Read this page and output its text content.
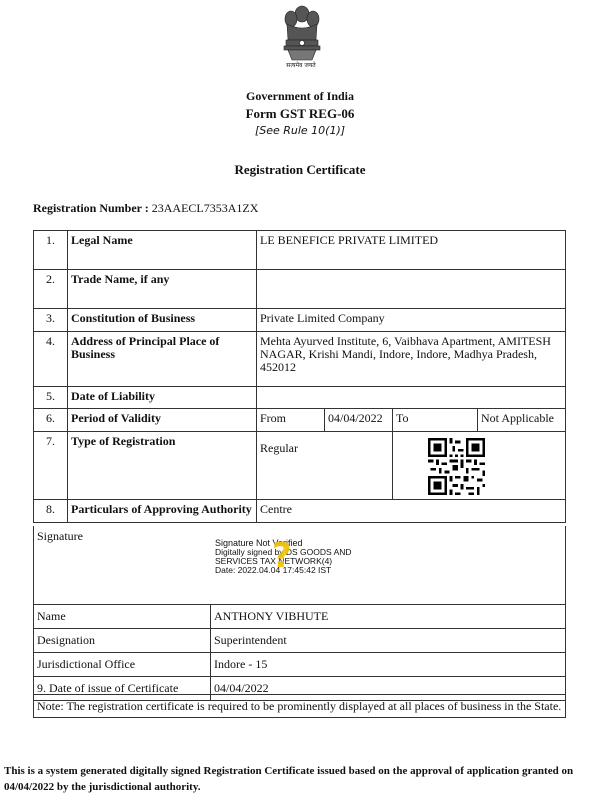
सत्यमेव जयते
Government of India
Form GST REG-06
[See Rule 10(1)]
Registration Certificate
Registration Number : 23AAECL7353A1ZX
1.	Legal Name	LE BENEFICE PRIVATE LIMITED			
2.	Trade Name, if any				
3.	Constitution of Business	Private Limited Company			
4.	Address of Principal Place of Business	Mehta Ayurved Institute, 6, Vaibhava Apartment, AMITESH NAGAR, Krishi Mandi, Indore, Indore, Madhya Pradesh, 452012			
5.	Date of Liability				
6.	Period of Validity	From	04/04/2022	To	Not Applicable
7.	Type of Registration	Regular	

8.	Particulars of Approving Authority	Centre			
Signature	Signature Not Verified
Digitally signed by DS GOODS AND
SERVICES TAX NETWORK(4)
Date: 2022.04.04 17:45:42 IST
?
Name	ANTHONY VIBHUTE
Designation	Superintendent
Jurisdictional Office	Indore - 15
9. Date of issue of Certificate	04/04/2022
Note: The registration certificate is required to be prominently displayed at all places of business in the State.
This is a system generated digitally signed Registration Certificate issued based on the approval of application granted on 04/04/2022 by the jurisdictional authority.
